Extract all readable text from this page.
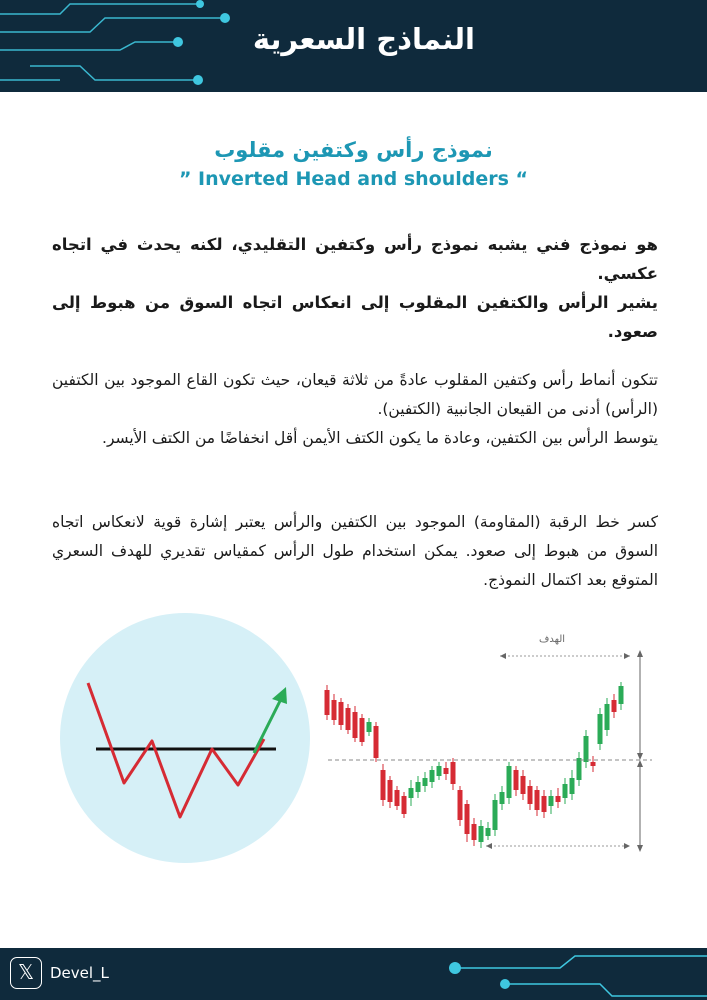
النماذج السعرية
نموذج رأس وكتفين مقلوب
” Inverted Head and shoulders “

هو نموذج فني يشبه نموذج رأس وكتفين التقليدي، لكنه يحدث في اتجاه عكسي.
يشير الرأس والكتفين المقلوب إلى انعكاس اتجاه السوق من هبوط إلى صعود.

تتكون أنماط رأس وكتفين المقلوب عادةً من ثلاثة قيعان، حيث تكون القاع الموجود بين الكتفين (الرأس) أدنى من القيعان الجانبية (الكتفين).
يتوسط الرأس بين الكتفين، وعادة ما يكون الكتف الأيمن أقل انخفاضًا من الكتف الأيسر.

كسر خط الرقبة (المقاومة) الموجود بين الكتفين والرأس يعتبر إشارة قوية لانعكاس اتجاه السوق من هبوط إلى صعود. يمكن استخدام طول الرأس كمقياس تقديري للهدف السعري المتوقع بعد اكتمال النموذج.

الهدف
𝕏	Devel_L
